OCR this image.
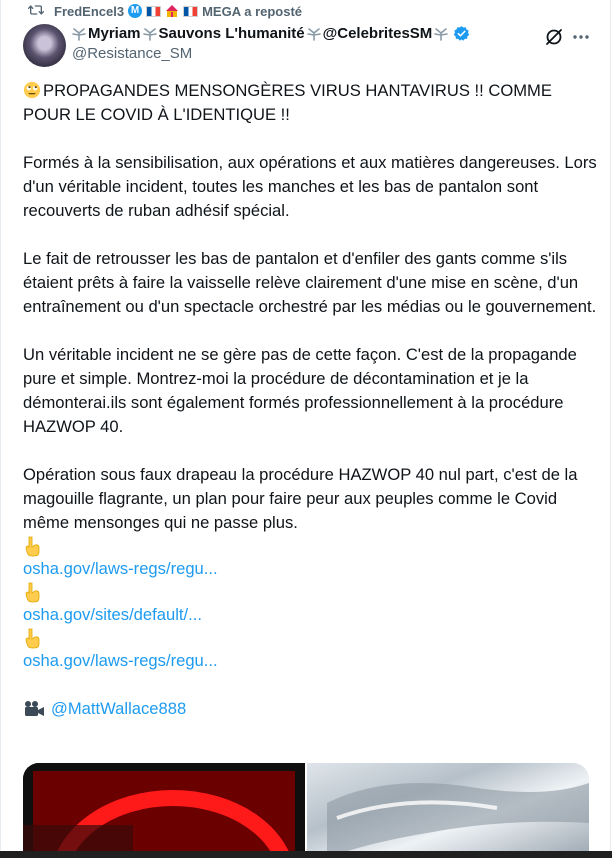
FredEncel3 M	MEGA a reposté
Myriam Sauvons L'humanité @CelebritesSM
@Resistance_SM

PROPAGANDES MENSONGÈRES VIRUS HANTAVIRUS !! COMME POUR LE COVID À L'IDENTIQUE !!

Formés à la sensibilisation, aux opérations et aux matières dangereuses. Lors d'un véritable incident, toutes les manches et les bas de pantalon sont recouverts de ruban adhésif spécial.

Le fait de retrousser les bas de pantalon et d'enfiler des gants comme s'ils étaient prêts à faire la vaisselle relève clairement d'une mise en scène, d'un entraînement ou d'un spectacle orchestré par les médias ou le gouvernement.

Un véritable incident ne se gère pas de cette façon. C'est de la propagande pure et simple. Montrez-moi la procédure de décontamination et je la démonterai.ils sont également formés professionnellement à la procédure HAZWOP 40.

Opération sous faux drapeau la procédure HAZWOP 40 nul part, c'est de la magouille flagrante, un plan pour faire peur aux peuples comme le Covid même mensonges qui ne passe plus.

osha.gov/laws-regs/regu...
osha.gov/sites/default/...
osha.gov/laws-regs/regu...
@MattWallace888
